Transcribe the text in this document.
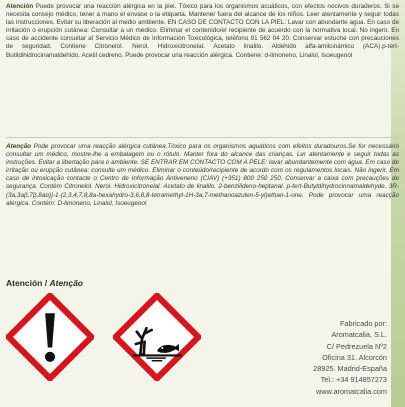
Atención Puede provocar una reacción alérgica en la piel. Tóxico para los organismos acuáticos, con efectos nocivos duraderos. Si se necesita consejo médico, tener a mano el envase o la etiqueta. Mantener fuera del alcance de los niños. Leer atentamente y seguir todas las instrucciones. Evitar su liberación al medio ambiente. EN CASO DE CONTACTO CON LA PIEL: Lavar con abundante agua. En caso de irritación o erupción cutánea: Consultar a un médico. Eliminar el contenido/el recipiente de acuerdo con la normativa local. No ingerir. En caso de accidente consultar al Servicio Médico de Información Toxicológica, teléfono 91 562 04 20. Conservar estuche con precauciones de seguridad. Contiene Citronelol. Nerol. Hidroxicitronelal. Acetato linalilo. Aldehido alfa-amilcinámico (ACA).p-tert-Butildihidrocinamaldehido. Acetil cedreno. Puede provocar una reacción alérgica. Contiene: d-limoneno, Linalol, Isoeugenol
Atenção Pode provocar uma reacção alérgica cutânea.Tóxico para os organismos aquáticos com efeitos duradouros.Se for necessário consultar um médico, mostre-lhe a embalagem ou o rótulo. Manter fora do alcance das crianças. Ler atentamente e seguir todas as instruções. Evitar a libertação para o ambiente. SE ENTRAR EM CONTACTO COM A PELE: lavar abundantemente com água. Em caso de irritação ou erupção cutânea: consulte um médico. Eliminar o conteúdo/recipiente de acordo com os regulamentos locais. Não ingerir. Em caso de intoxicação contacte o Centro de Informação Antiveneno (CIAV) (+351) 800 250 250. Conservar a caixa com precauções de segurança. Contém Citronelol. Nerol. Hidroxicitronelal. Acetato de linalilo. 2-benzilideno-heptanal. p-tert-Butyldihydrocinnamaldehyde. 3R-(3a,3aβ,7β,8aα)]-1-(2,3,4,7,8,8a-hexahydro-3,6,8,8-tetramethyl-1H-3a,7-methanoazulen-5-yl)ethan-1-one. Pode provocar uma reacção alérgica. Contém: D-limoneno, Linalol, Isoeugenol
Atención / Atenção
Fabricado por:
Aromatcalia, S.L.
C/ Pedrezuela Nº2
Oficina 31. Alcorcón
28925. Madrid-España
Tel.: +34 914857273
www.aromatcalia.com
